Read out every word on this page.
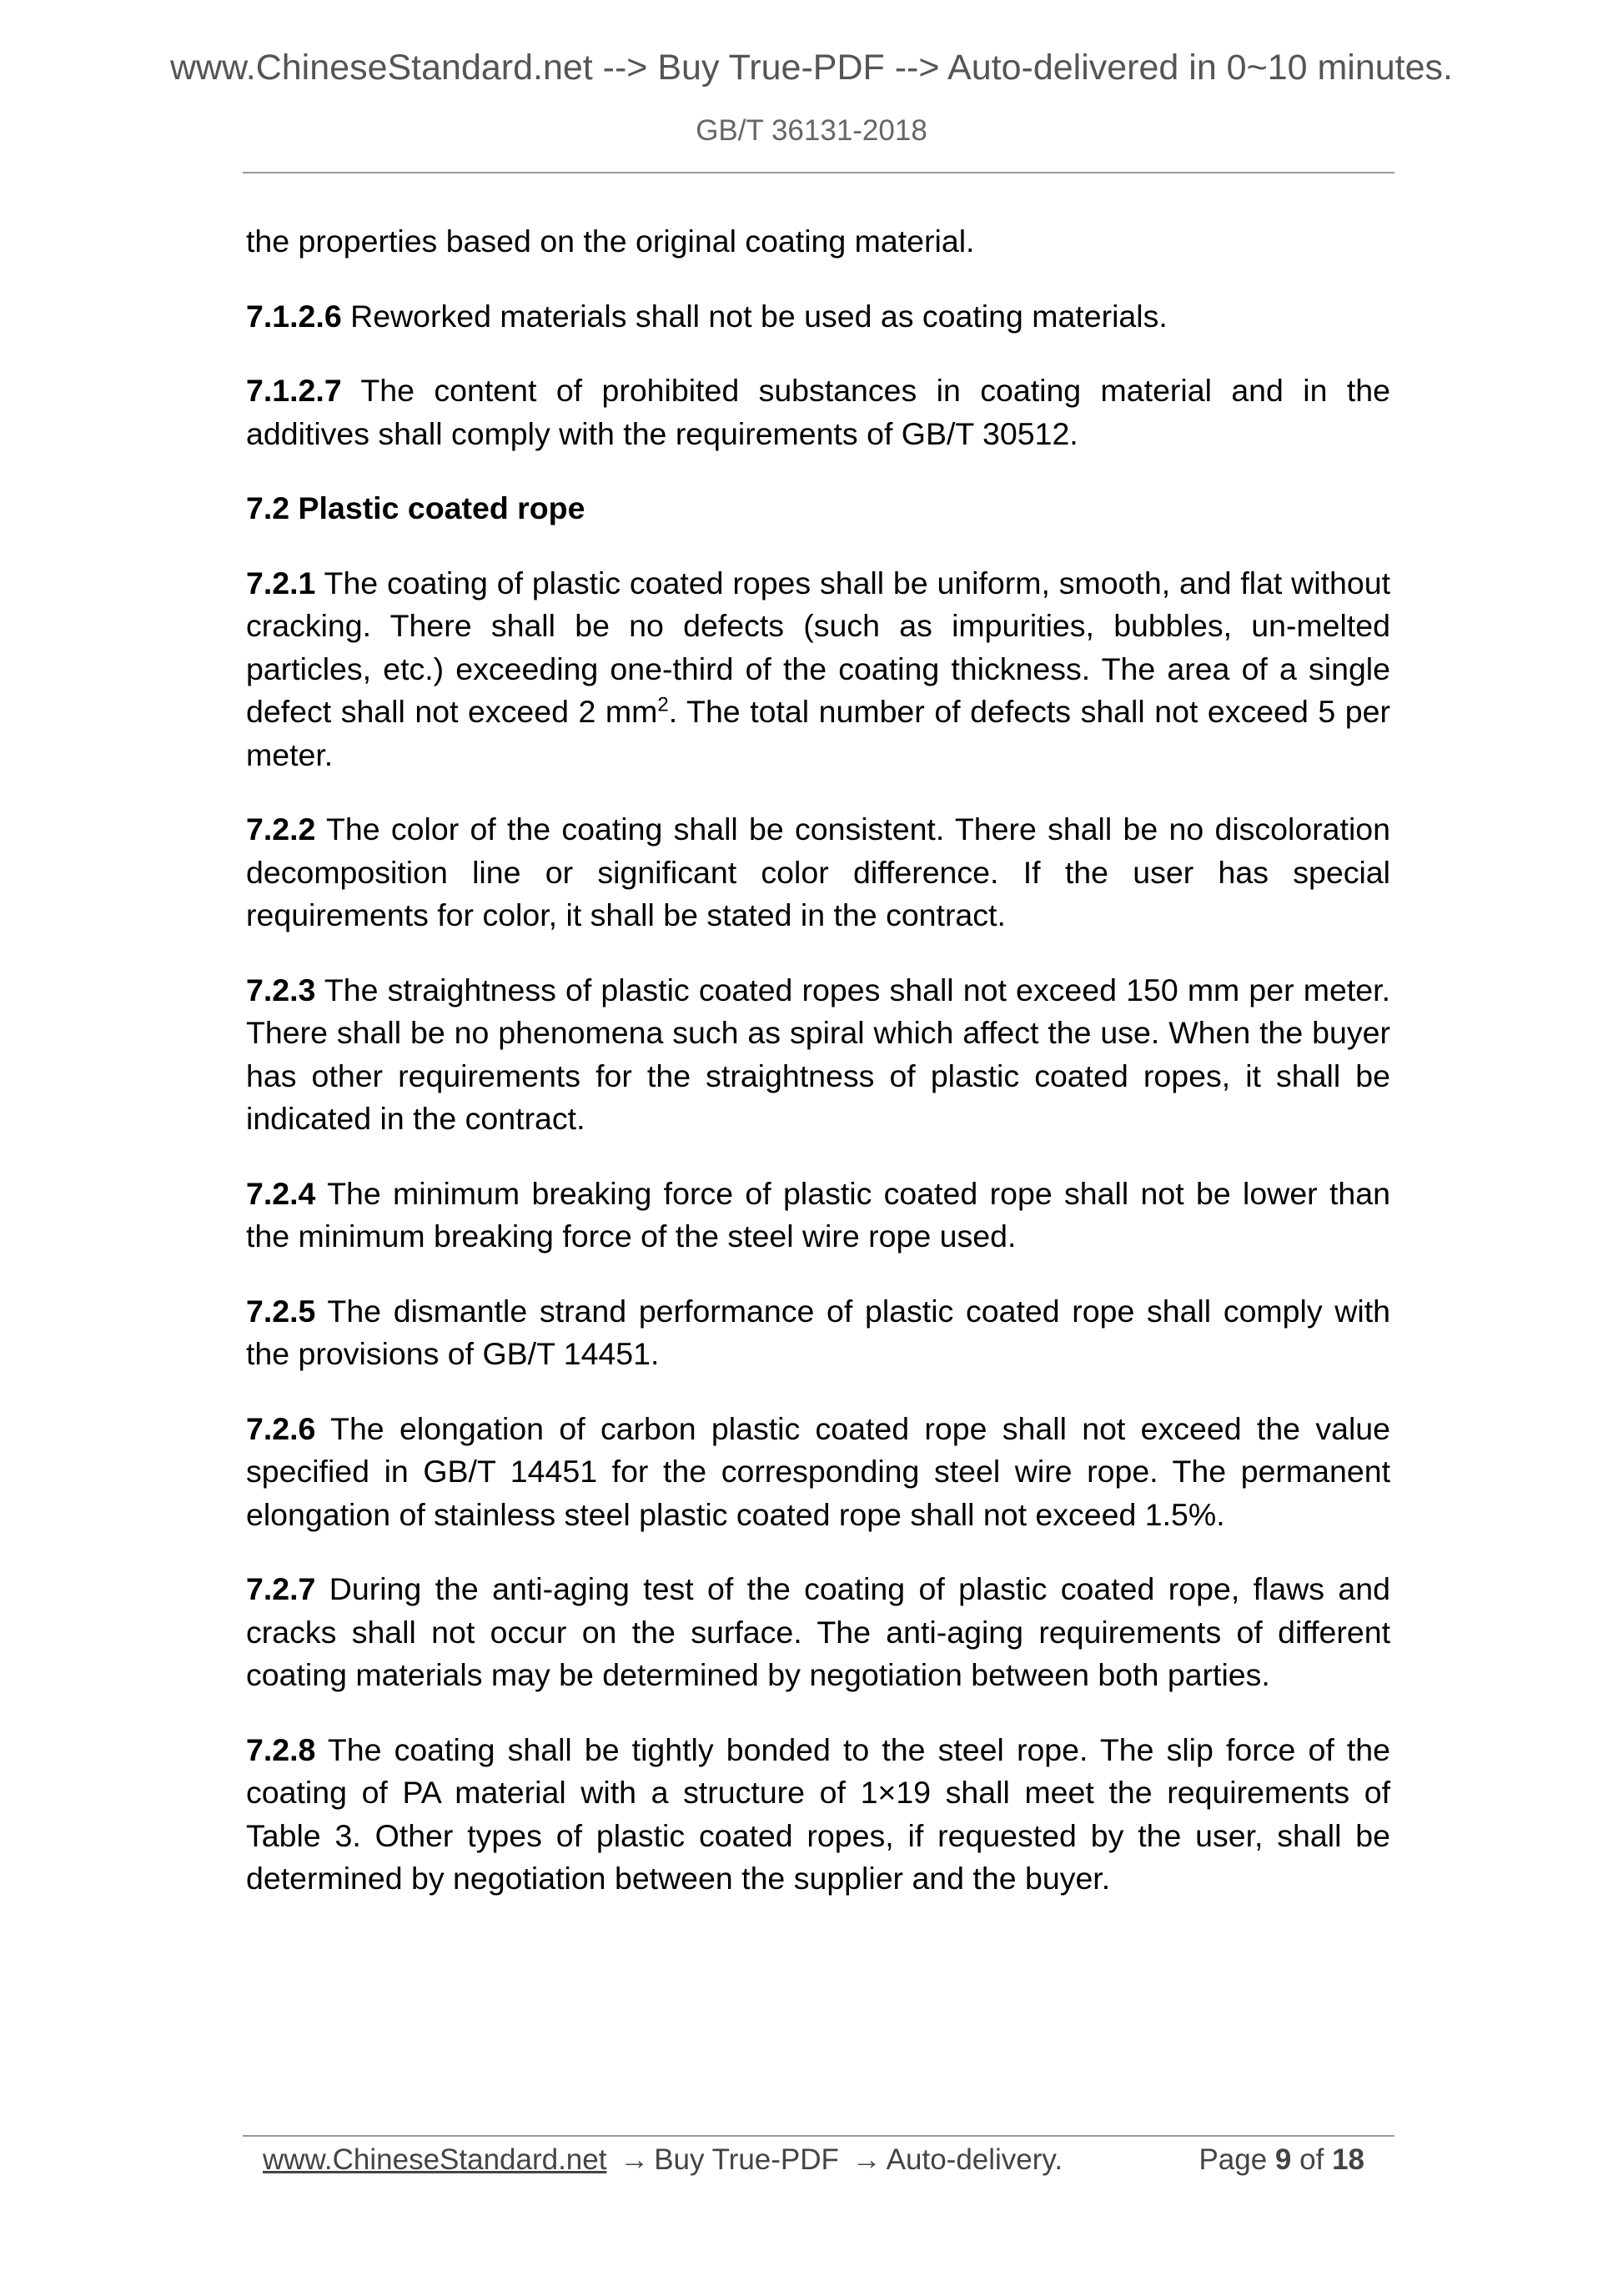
www.ChineseStandard.net --> Buy True-PDF --> Auto-delivered in 0~10 minutes.
GB/T 36131-2018

the properties based on the original coating material.

7.1.2.6 Reworked materials shall not be used as coating materials.

7.1.2.7 The content of prohibited substances in coating material and in the additives shall comply with the requirements of GB/T 30512.

7.2 Plastic coated rope

7.2.1 The coating of plastic coated ropes shall be uniform, smooth, and flat without cracking. There shall be no defects (such as impurities, bubbles, un-melted particles, etc.) exceeding one-third of the coating thickness. The area of a single defect shall not exceed 2 $mm^2$. The total number of defects shall not exceed 5 per meter.

7.2.2 The color of the coating shall be consistent. There shall be no discoloration decomposition line or significant color difference. If the user has special requirements for color, it shall be stated in the contract.

7.2.3 The straightness of plastic coated ropes shall not exceed 150 mm per meter. There shall be no phenomena such as spiral which affect the use. When the buyer has other requirements for the straightness of plastic coated ropes, it shall be indicated in the contract.

7.2.4 The minimum breaking force of plastic coated rope shall not be lower than the minimum breaking force of the steel wire rope used.

7.2.5 The dismantle strand performance of plastic coated rope shall comply with the provisions of GB/T 14451.

7.2.6 The elongation of carbon plastic coated rope shall not exceed the value specified in GB/T 14451 for the corresponding steel wire rope. The permanent elongation of stainless steel plastic coated rope shall not exceed 1.5%.

7.2.7 During the anti-aging test of the coating of plastic coated rope, flaws and cracks shall not occur on the surface. The anti-aging requirements of different coating materials may be determined by negotiation between both parties.

7.2.8 The coating shall be tightly bonded to the steel rope. The slip force of the coating of PA material with a structure of 1×19 shall meet the requirements of Table 3. Other types of plastic coated ropes, if requested by the user, shall be determined by negotiation between the supplier and the buyer.

www.ChineseStandard.net → Buy True-PDF → Auto-delivery.	Page 9 of 18
